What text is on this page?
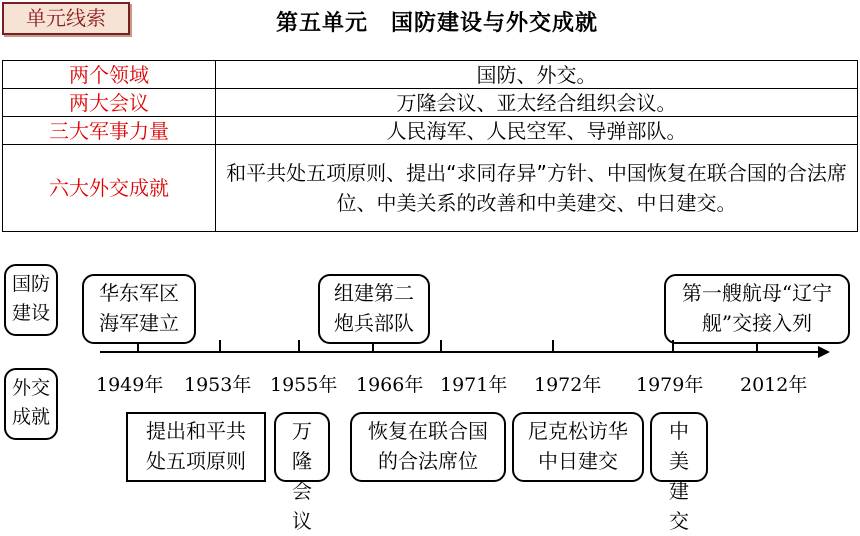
单元线索	第五单元　国防建设与外交成就
两个领域	国防、外交。
两大会议	万隆会议、亚太经合组织会议。
三大军事力量	人民海军、人民空军、导弹部队。
六大外交成就	和平共处五项原则、提出“求同存异”方针、中国恢复在联合国的合法席位、中美关系的改善和中美建交、中日建交。
国防建设
外交成就
华东军区海军建立
组建第二炮兵部队
第一艘航母“辽宁舰”交接入列
1949年 1953年 1955年 1966年 1971年 1972年 1979年 2012年
提出和平共处五项原则
万隆会议
恢复在联合国的合法席位
尼克松访华中日建交
中美建交
